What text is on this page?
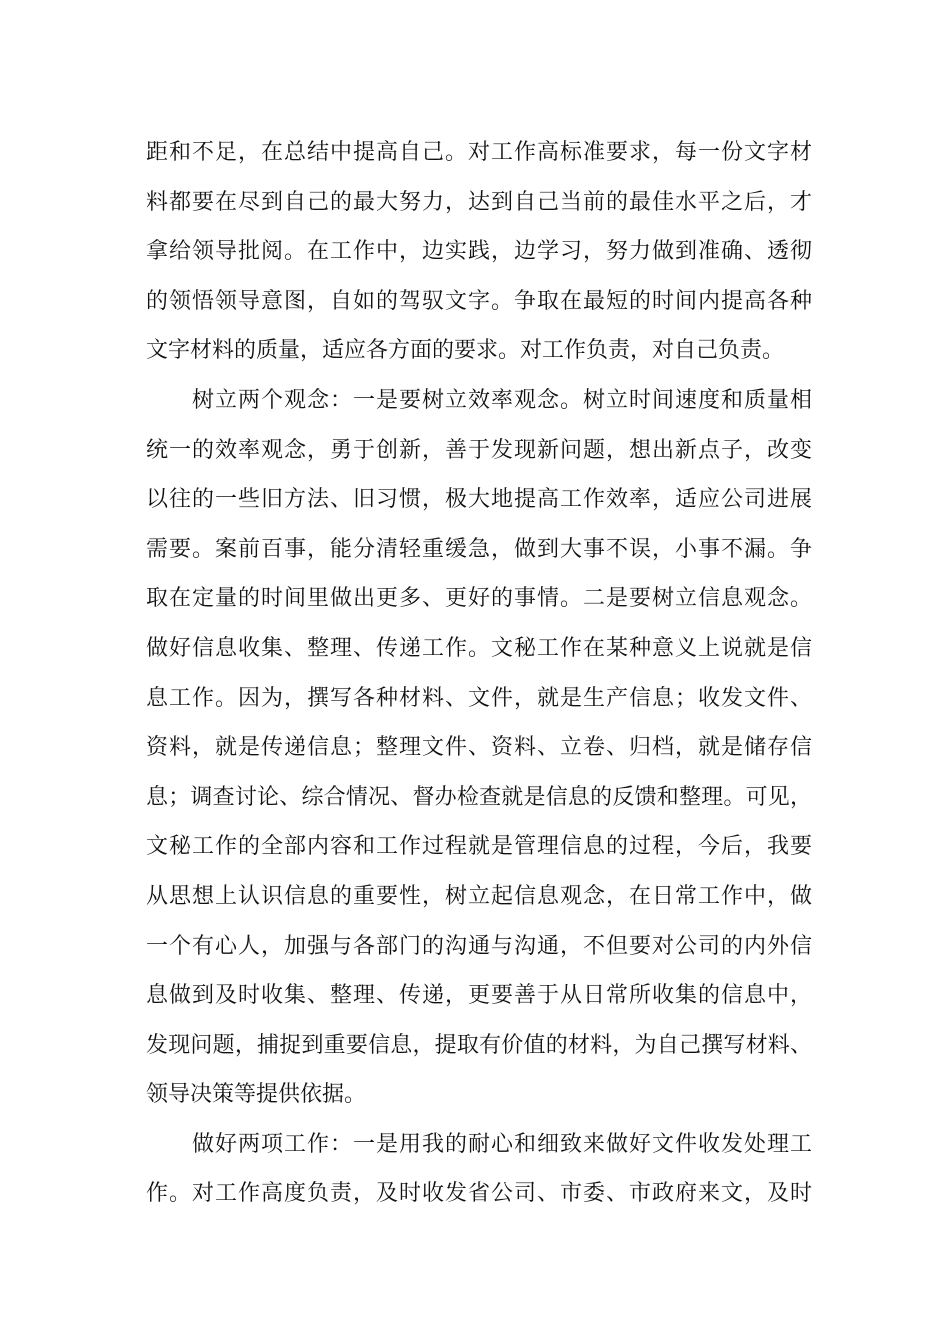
距和不足，在总结中提高自己。对工作高标准要求，每一份文字材
料都要在尽到自己的最大努力，达到自己当前的最佳水平之后，才
拿给领导批阅。在工作中，边实践，边学习，努力做到准确、透彻
的领悟领导意图，自如的驾驭文字。争取在最短的时间内提高各种
文字材料的质量，适应各方面的要求。对工作负责，对自己负责。
树立两个观念：一是要树立效率观念。树立时间速度和质量相
统一的效率观念，勇于创新，善于发现新问题，想出新点子，改变
以往的一些旧方法、旧习惯，极大地提高工作效率，适应公司进展
需要。案前百事，能分清轻重缓急，做到大事不误，小事不漏。争
取在定量的时间里做出更多、更好的事情。二是要树立信息观念。
做好信息收集、整理、传递工作。文秘工作在某种意义上说就是信
息工作。因为，撰写各种材料、文件，就是生产信息；收发文件、
资料，就是传递信息；整理文件、资料、立卷、归档，就是储存信
息；调查讨论、综合情况、督办检查就是信息的反馈和整理。可见，
文秘工作的全部内容和工作过程就是管理信息的过程，今后，我要
从思想上认识信息的重要性，树立起信息观念，在日常工作中，做
一个有心人，加强与各部门的沟通与沟通，不但要对公司的内外信
息做到及时收集、整理、传递，更要善于从日常所收集的信息中，
发现问题，捕捉到重要信息，提取有价值的材料，为自己撰写材料、
领导决策等提供依据。
做好两项工作：一是用我的耐心和细致来做好文件收发处理工
作。对工作高度负责，及时收发省公司、市委、市政府来文，及时
